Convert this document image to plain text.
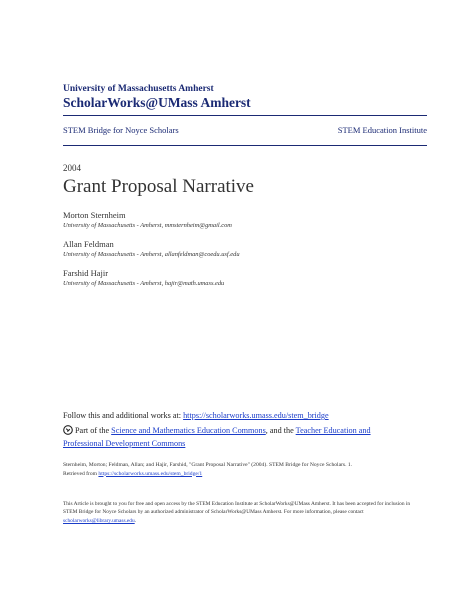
University of Massachusetts Amherst
ScholarWorks@UMass Amherst
STEM Bridge for Noyce Scholars	STEM Education Institute
2004
Grant Proposal Narrative
Morton Sternheim
University of Massachusetts - Amherst, mmsternheim@gmail.com
Allan Feldman
University of Massachusetts - Amherst, allanfeldman@coedu.usf.edu
Farshid Hajir
University of Massachusetts - Amherst, hajir@math.umass.edu
Follow this and additional works at: https://scholarworks.umass.edu/stem_bridge
Part of the Science and Mathematics Education Commons, and the Teacher Education and Professional Development Commons
Sternheim, Morton; Feldman, Allan; and Hajir, Farshid, "Grant Proposal Narrative" (2004). STEM Bridge for Noyce Scholars. 1.
Retrieved from https://scholarworks.umass.edu/stem_bridge/1
This Article is brought to you for free and open access by the STEM Education Institute at ScholarWorks@UMass Amherst. It has been accepted for inclusion in STEM Bridge for Noyce Scholars by an authorized administrator of ScholarWorks@UMass Amherst. For more information, please contact scholarworks@library.umass.edu.
